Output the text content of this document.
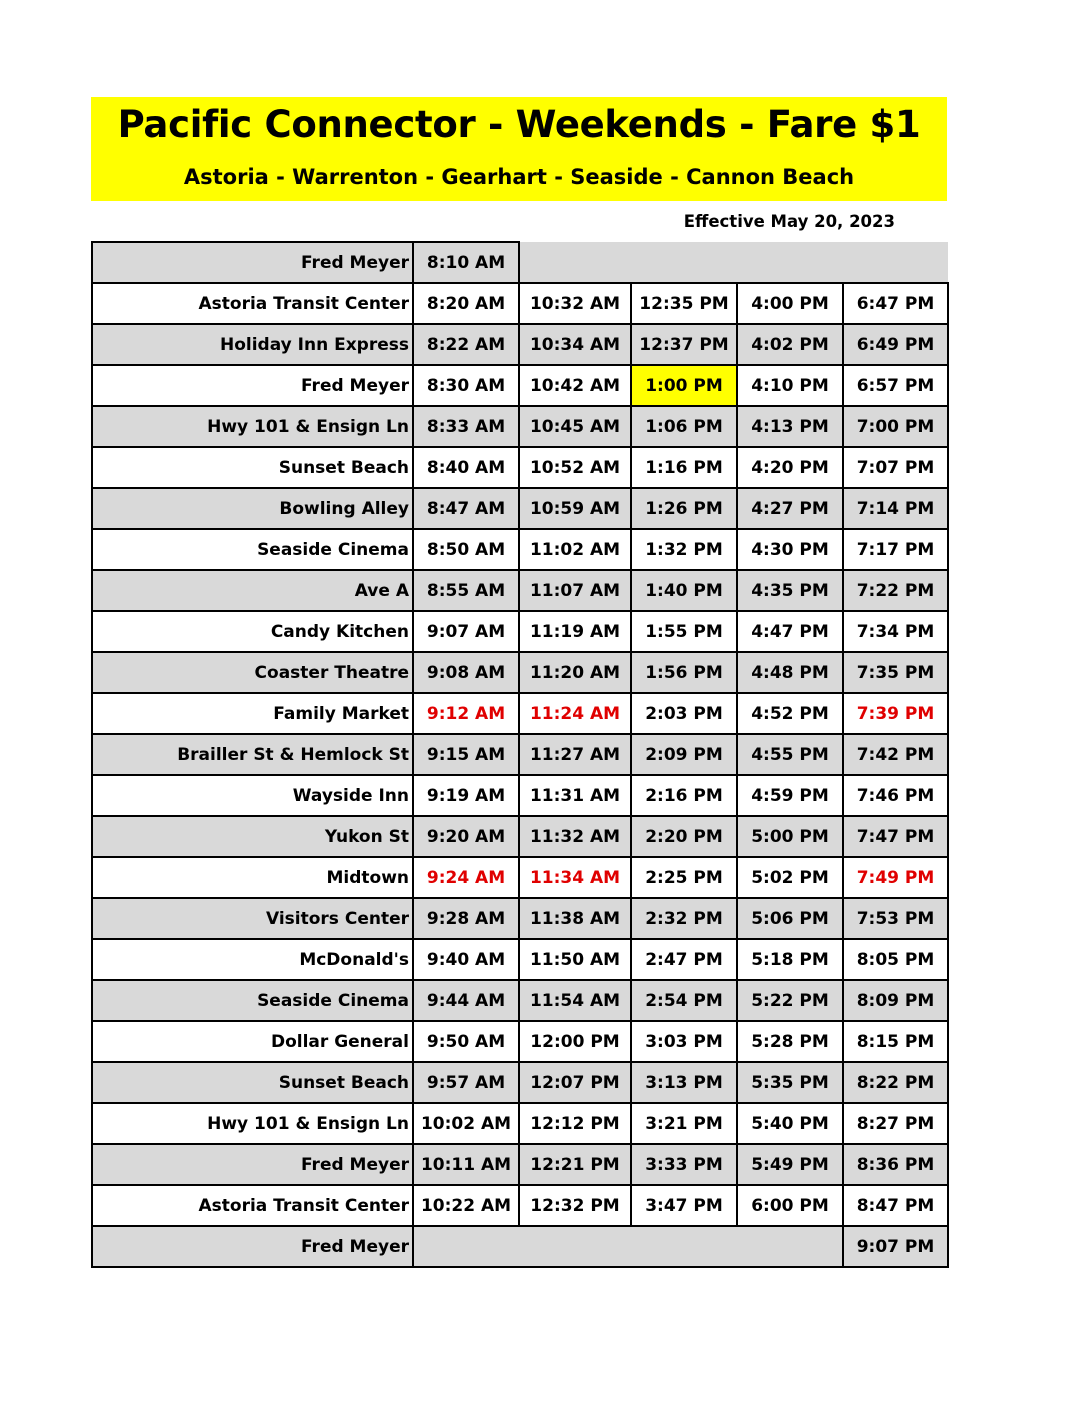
Pacific Connector - Weekends - Fare $1
Astoria - Warrenton - Gearhart - Seaside - Cannon Beach
Effective May 20, 2023
Fred Meyer	8:10 AM				
Astoria Transit Center	8:20 AM	10:32 AM	12:35 PM	4:00 PM	6:47 PM
Holiday Inn Express	8:22 AM	10:34 AM	12:37 PM	4:02 PM	6:49 PM
Fred Meyer	8:30 AM	10:42 AM	1:00 PM	4:10 PM	6:57 PM
Hwy 101 & Ensign Ln	8:33 AM	10:45 AM	1:06 PM	4:13 PM	7:00 PM
Sunset Beach	8:40 AM	10:52 AM	1:16 PM	4:20 PM	7:07 PM
Bowling Alley	8:47 AM	10:59 AM	1:26 PM	4:27 PM	7:14 PM
Seaside Cinema	8:50 AM	11:02 AM	1:32 PM	4:30 PM	7:17 PM
Ave A	8:55 AM	11:07 AM	1:40 PM	4:35 PM	7:22 PM
Candy Kitchen	9:07 AM	11:19 AM	1:55 PM	4:47 PM	7:34 PM
Coaster Theatre	9:08 AM	11:20 AM	1:56 PM	4:48 PM	7:35 PM
Family Market	9:12 AM	11:24 AM	2:03 PM	4:52 PM	7:39 PM
Brailler St & Hemlock St	9:15 AM	11:27 AM	2:09 PM	4:55 PM	7:42 PM
Wayside Inn	9:19 AM	11:31 AM	2:16 PM	4:59 PM	7:46 PM
Yukon St	9:20 AM	11:32 AM	2:20 PM	5:00 PM	7:47 PM
Midtown	9:24 AM	11:34 AM	2:25 PM	5:02 PM	7:49 PM
Visitors Center	9:28 AM	11:38 AM	2:32 PM	5:06 PM	7:53 PM
McDonald's	9:40 AM	11:50 AM	2:47 PM	5:18 PM	8:05 PM
Seaside Cinema	9:44 AM	11:54 AM	2:54 PM	5:22 PM	8:09 PM
Dollar General	9:50 AM	12:00 PM	3:03 PM	5:28 PM	8:15 PM
Sunset Beach	9:57 AM	12:07 PM	3:13 PM	5:35 PM	8:22 PM
Hwy 101 & Ensign Ln	10:02 AM	12:12 PM	3:21 PM	5:40 PM	8:27 PM
Fred Meyer	10:11 AM	12:21 PM	3:33 PM	5:49 PM	8:36 PM
Astoria Transit Center	10:22 AM	12:32 PM	3:47 PM	6:00 PM	8:47 PM
Fred Meyer					9:07 PM
